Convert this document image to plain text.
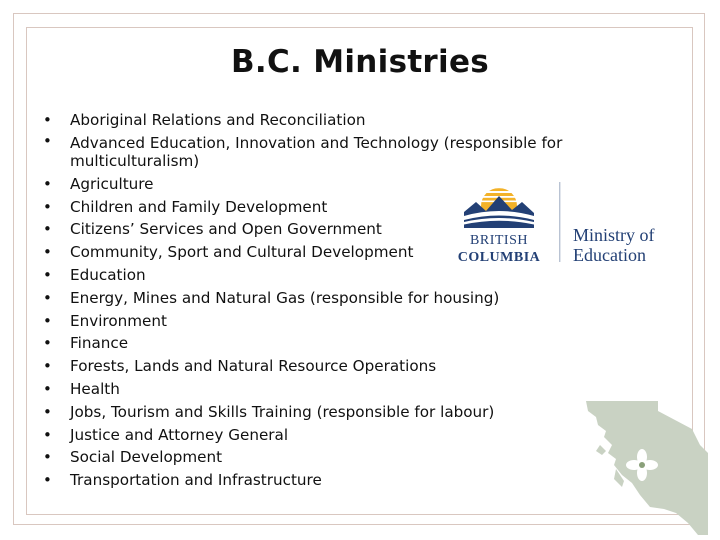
B.C. Ministries
• Aboriginal Relations and Reconciliation
• Advanced Education, Innovation and Technology (responsible for multiculturalism)
• Agriculture
• Children and Family Development
• Citizens’ Services and Open Government
• Community, Sport and Cultural Development
• Education
• Energy, Mines and Natural Gas (responsible for housing)
• Environment
• Finance
• Forests, Lands and Natural Resource Operations
• Health
• Jobs, Tourism and Skills Training (responsible for labour)
• Justice and Attorney General
• Social Development
• Transportation and Infrastructure
BRITISH
COLUMBIA
Ministry of
Education
